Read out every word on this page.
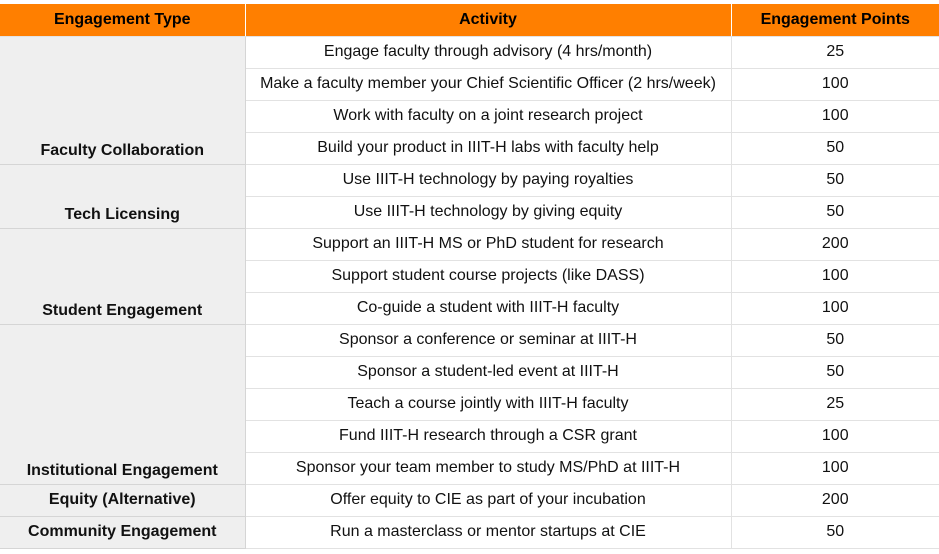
Engagement Type	Activity	Engagement Points
Faculty Collaboration	Engage faculty through advisory (4 hrs/month)	25
	Make a faculty member your Chief Scientific Officer (2 hrs/week)	100
	Work with faculty on a joint research project	100
	Build your product in IIIT-H labs with faculty help	50
Tech Licensing	Use IIIT-H technology by paying royalties	50
	Use IIIT-H technology by giving equity	50
Student Engagement	Support an IIIT-H MS or PhD student for research	200
	Support student course projects (like DASS)	100
	Co-guide a student with IIIT-H faculty	100
Institutional Engagement	Sponsor a conference or seminar at IIIT-H	50
	Sponsor a student-led event at IIIT-H	50
	Teach a course jointly with IIIT-H faculty	25
	Fund IIIT-H research through a CSR grant	100
	Sponsor your team member to study MS/PhD at IIIT-H	100
Equity (Alternative)	Offer equity to CIE as part of your incubation	200
Community Engagement	Run a masterclass or mentor startups at CIE	50
